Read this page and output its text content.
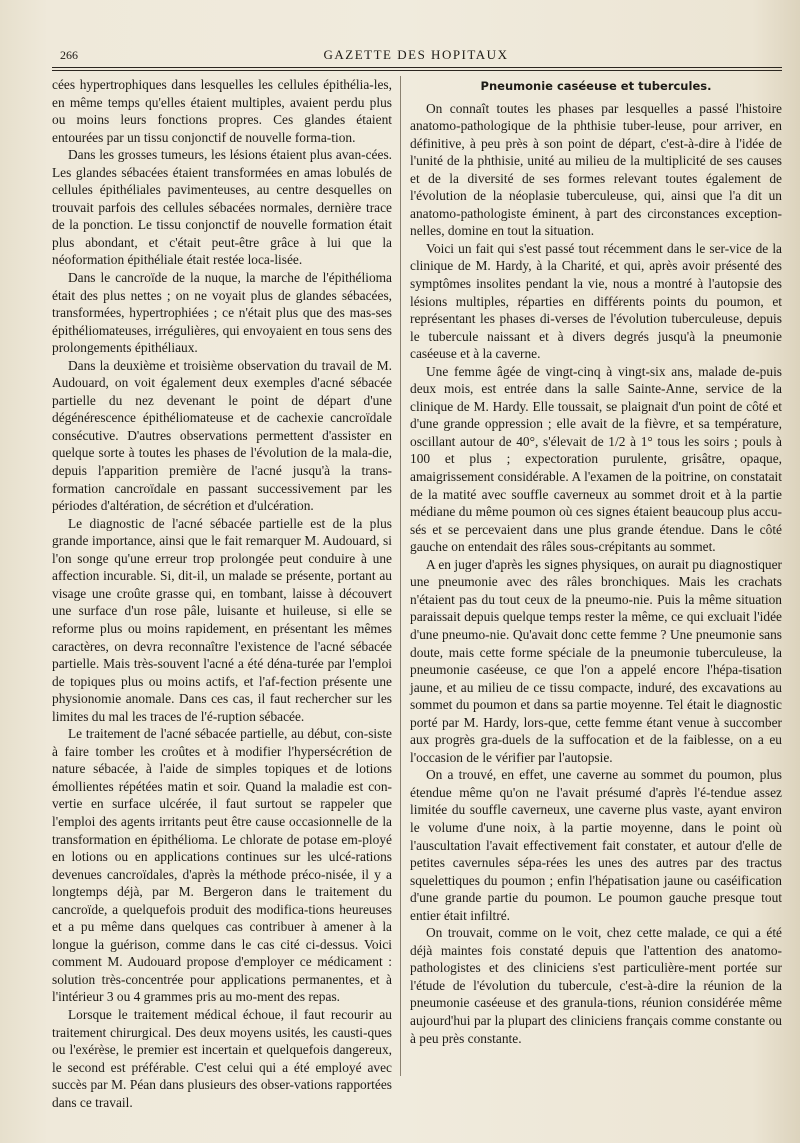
266	GAZETTE DES HOPITAUX

cées hypertrophiques dans lesquelles les cellules épithélia-les, en même temps qu'elles étaient multiples, avaient perdu plus ou moins leurs fonctions propres. Ces glandes étaient entourées par un tissu conjonctif de nouvelle forma-tion.

Dans les grosses tumeurs, les lésions étaient plus avan-cées. Les glandes sébacées étaient transformées en amas lobulés de cellules épithéliales pavimenteuses, au centre desquelles on trouvait parfois des cellules sébacées normales, dernière trace de la ponction. Le tissu conjonctif de nouvelle formation était plus abondant, et c'était peut-être grâce à lui que la néoformation épithéliale était restée loca-lisée.

Dans le cancroïde de la nuque, la marche de l'épithélioma était des plus nettes ; on ne voyait plus de glandes sébacées, transformées, hypertrophiées ; ce n'était plus que des mas-ses épithéliomateuses, irrégulières, qui envoyaient en tous sens des prolongements épithéliaux.

Dans la deuxième et troisième observation du travail de M. Audouard, on voit également deux exemples d'acné sébacée partielle du nez devenant le point de départ d'une dégénérescence épithéliomateuse et de cachexie cancroïdale consécutive. D'autres observations permettent d'assister en quelque sorte à toutes les phases de l'évolution de la mala-die, depuis l'apparition première de l'acné jusqu'à la trans-formation cancroïdale en passant successivement par les périodes d'altération, de sécrétion et d'ulcération.

Le diagnostic de l'acné sébacée partielle est de la plus grande importance, ainsi que le fait remarquer M. Audouard, si l'on songe qu'une erreur trop prolongée peut conduire à une affection incurable. Si, dit-il, un malade se présente, portant au visage une croûte grasse qui, en tombant, laisse à découvert une surface d'un rose pâle, luisante et huileuse, si elle se reforme plus ou moins rapidement, en présentant les mêmes caractères, on devra reconnaître l'existence de l'acné sébacée partielle. Mais très-souvent l'acné a été déna-turée par l'emploi de topiques plus ou moins actifs, et l'af-fection présente une physionomie anomale. Dans ces cas, il faut rechercher sur les limites du mal les traces de l'é-ruption sébacée.

Le traitement de l'acné sébacée partielle, au début, con-siste à faire tomber les croûtes et à modifier l'hypersécrétion de nature sébacée, à l'aide de simples topiques et de lotions émollientes répétées matin et soir. Quand la maladie est con-vertie en surface ulcérée, il faut surtout se rappeler que l'emploi des agents irritants peut être cause occasionnelle de la transformation en épithélioma. Le chlorate de potase em-ployé en lotions ou en applications continues sur les ulcé-rations devenues cancroïdales, d'après la méthode préco-nisée, il y a longtemps déjà, par M. Bergeron dans le traitement du cancroïde, a quelquefois produit des modifica-tions heureuses et a pu même dans quelques cas contribuer à amener à la longue la guérison, comme dans le cas cité ci-dessus. Voici comment M. Audouard propose d'employer ce médicament : solution très-concentrée pour applications permanentes, et à l'intérieur 3 ou 4 grammes pris au mo-ment des repas.

Lorsque le traitement médical échoue, il faut recourir au traitement chirurgical. Des deux moyens usités, les causti-ques ou l'exérèse, le premier est incertain et quelquefois dangereux, le second est préférable. C'est celui qui a été employé avec succès par M. Péan dans plusieurs des obser-vations rapportées dans ce travail.

Pneumonie caséeuse et tubercules.

On connaît toutes les phases par lesquelles a passé l'histoire anatomo-pathologique de la phthisie tuber-leuse, pour arriver, en définitive, à peu près à son point de départ, c'est-à-dire à l'idée de l'unité de la phthisie, unité au milieu de la multiplicité de ses causes et de la diversité de ses formes relevant toutes également de l'évolution de la néoplasie tuberculeuse, qui, ainsi que l'a dit un anatomo-pathologiste éminent, à part des circonstances exception-nelles, domine en tout la situation.

Voici un fait qui s'est passé tout récemment dans le ser-vice de la clinique de M. Hardy, à la Charité, et qui, après avoir présenté des symptômes insolites pendant la vie, nous a montré à l'autopsie des lésions multiples, réparties en différents points du poumon, et représentant les phases di-verses de l'évolution tuberculeuse, depuis le tubercule naissant et à divers degrés jusqu'à la pneumonie caséeuse et à la caverne.

Une femme âgée de vingt-cinq à vingt-six ans, malade de-puis deux mois, est entrée dans la salle Sainte-Anne, service de la clinique de M. Hardy. Elle toussait, se plaignait d'un point de côté et d'une grande oppression ; elle avait de la fièvre, et sa température, oscillant autour de 40°, s'élevait de 1/2 à 1° tous les soirs ; pouls à 100 et plus ; expectoration purulente, grisâtre, opaque, amaigrissement considérable. A l'examen de la poitrine, on constatait de la matité avec souffle caverneux au sommet droit et à la partie médiane du même poumon où ces signes étaient beaucoup plus accu-sés et se percevaient dans une plus grande étendue. Dans le côté gauche on entendait des râles sous-crépitants au sommet.

A en juger d'après les signes physiques, on aurait pu diagnostiquer une pneumonie avec des râles bronchiques. Mais les crachats n'étaient pas du tout ceux de la pneumo-nie. Puis la même situation paraissait depuis quelque temps rester la même, ce qui excluait l'idée d'une pneumo-nie. Qu'avait donc cette femme ? Une pneumonie sans doute, mais cette forme spéciale de la pneumonie tuberculeuse, la pneumonie caséeuse, ce que l'on a appelé encore l'hépa-tisation jaune, et au milieu de ce tissu compacte, induré, des excavations au sommet du poumon et dans sa partie moyenne. Tel était le diagnostic porté par M. Hardy, lors-que, cette femme étant venue à succomber aux progrès gra-duels de la suffocation et de la faiblesse, on a eu l'occasion de le vérifier par l'autopsie.

On a trouvé, en effet, une caverne au sommet du poumon, plus étendue même qu'on ne l'avait présumé d'après l'é-tendue assez limitée du souffle caverneux, une caverne plus vaste, ayant environ le volume d'une noix, à la partie moyenne, dans le point où l'auscultation l'avait effectivement fait constater, et autour d'elle de petites cavernules sépa-rées les unes des autres par des tractus squelettiques du poumon ; enfin l'hépatisation jaune ou caséification d'une grande partie du poumon. Le poumon gauche presque tout entier était infiltré.

On trouvait, comme on le voit, chez cette malade, ce qui a été déjà maintes fois constaté depuis que l'attention des anatomo-pathologistes et des cliniciens s'est particulière-ment portée sur l'étude de l'évolution du tubercule, c'est-à-dire la réunion de la pneumonie caséeuse et des granula-tions, réunion considérée même aujourd'hui par la plupart des cliniciens français comme constante ou à peu près constante.
